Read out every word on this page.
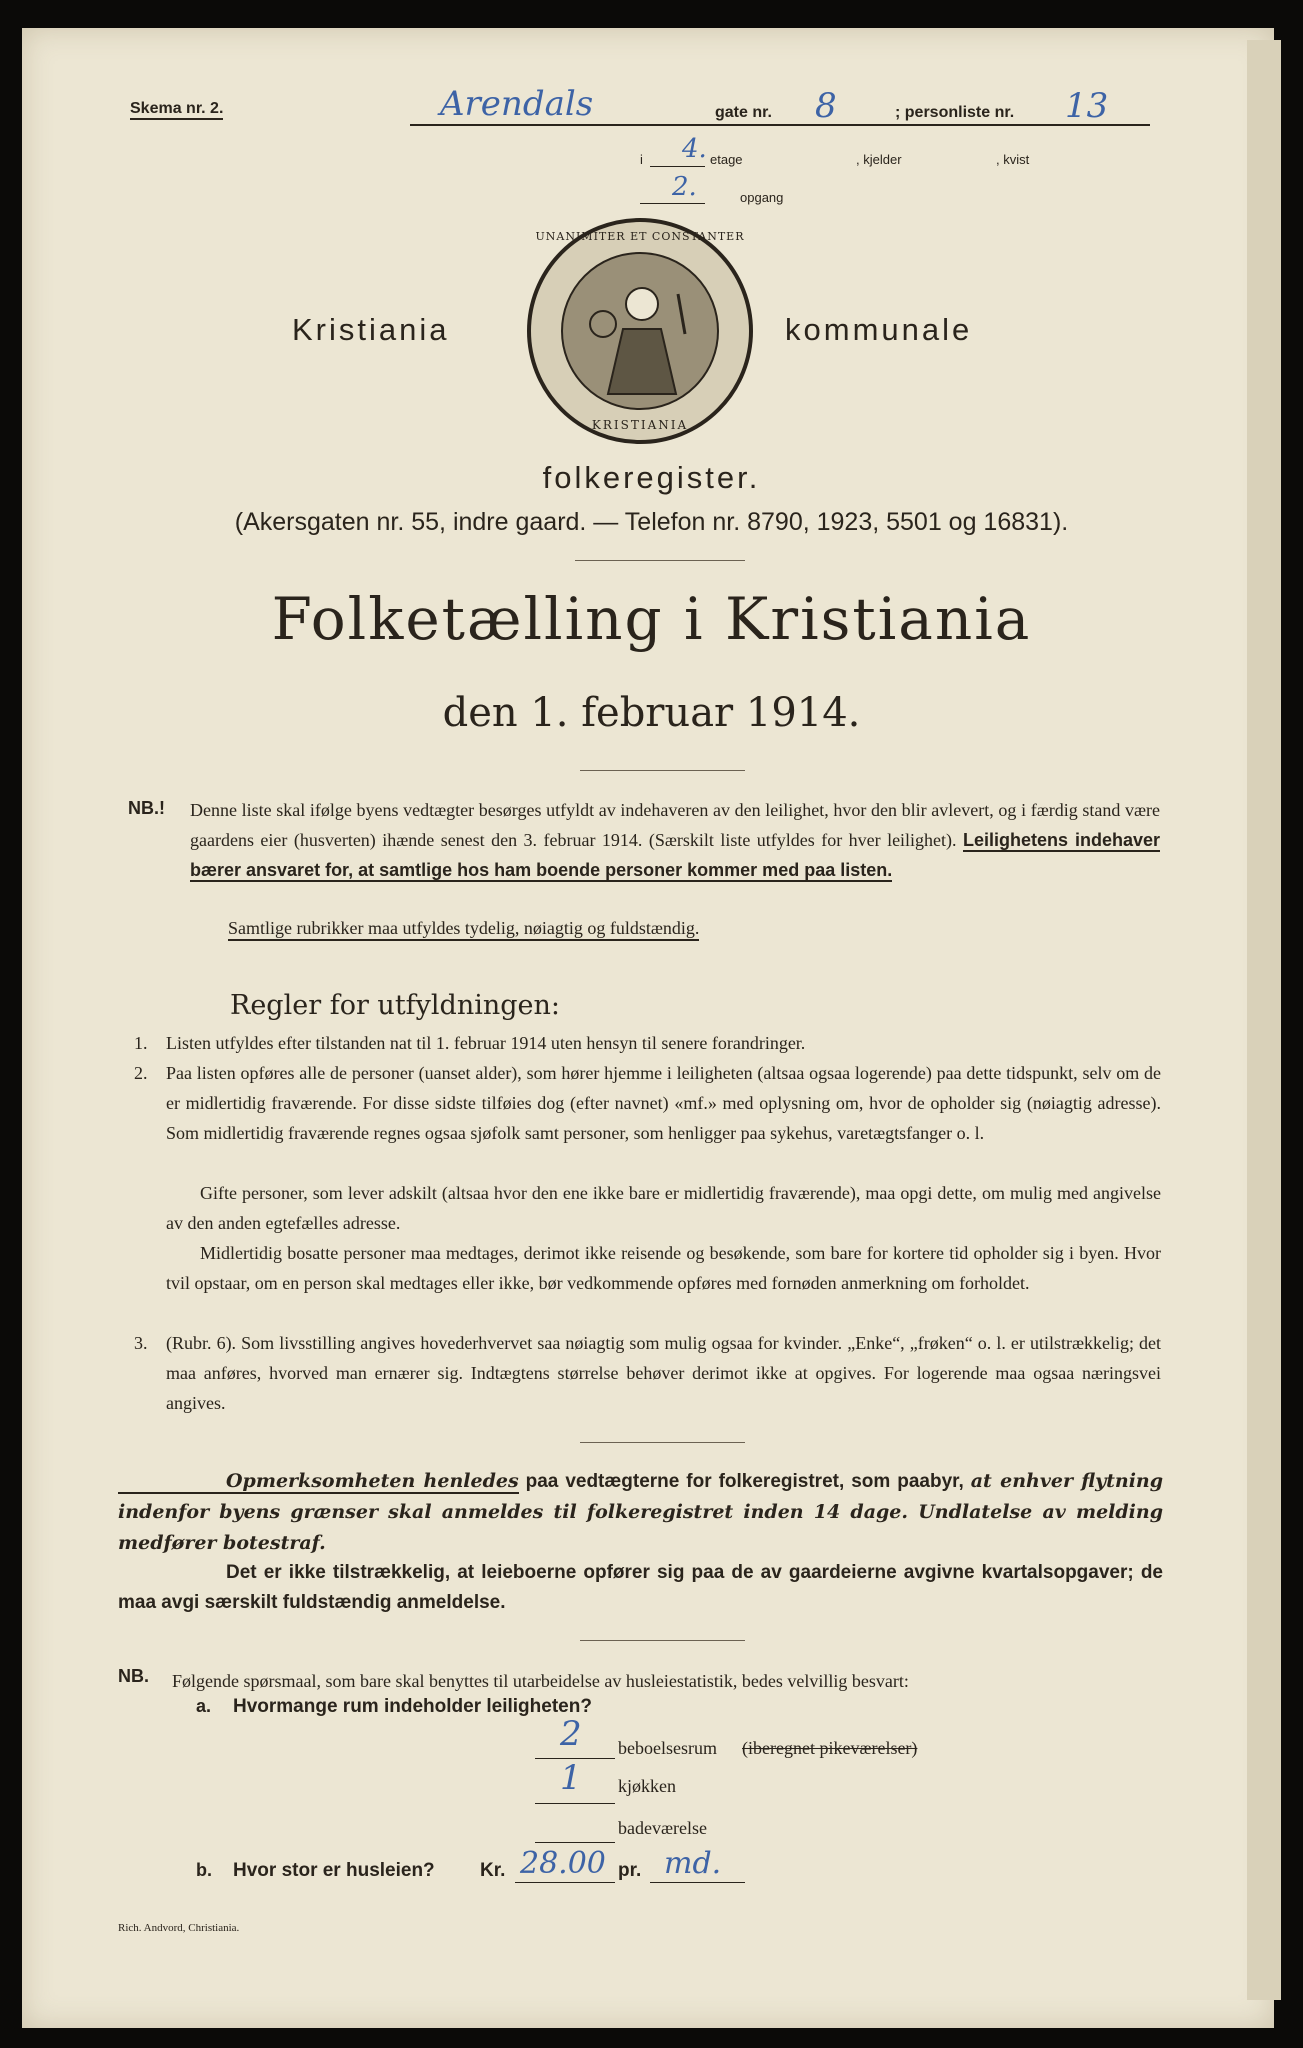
Skema nr. 2.	Arendals	gate nr. 8	; personliste nr. 13
i 4. etage	, kjelder	, kvist
2.	opgang
Kristiania	kommunale
UNANIMITER ET CONSTANTER
KRISTIANIA
folkeregister.
(Akersgaten nr. 55, indre gaard. — Telefon nr. 8790, 1923, 5501 og 16831).
Folketælling i Kristiania
den 1. februar 1914.
NB.! Denne liste skal ifølge byens vedtægter besørges utfyldt av indehaveren av den leilighet, hvor den blir avlevert, og i færdig stand være gaardens eier (husverten) ihænde senest den 3. februar 1914. (Særskilt liste utfyldes for hver leilighet). Leilighetens indehaver bærer ansvaret for, at samtlige hos ham boende personer kommer med paa listen.
Samtlige rubrikker maa utfyldes tydelig, nøiagtig og fuldstændig.
Regler for utfyldningen:
1.	Listen utfyldes efter tilstanden nat til 1. februar 1914 uten hensyn til senere forandringer.
2.	Paa listen opføres alle de personer (uanset alder), som hører hjemme i leiligheten (altsaa ogsaa logerende) paa dette tidspunkt, selv om de er midlertidig fraværende. For disse sidste tilføies dog (efter navnet) «mf.» med oplysning om, hvor de opholder sig (nøiagtig adresse). Som midlertidig fraværende regnes ogsaa sjøfolk samt personer, som henligger paa sykehus, varetægtsfanger o. l.
Gifte personer, som lever adskilt (altsaa hvor den ene ikke bare er midlertidig fraværende), maa opgi dette, om mulig med angivelse av den anden egtefælles adresse.
Midlertidig bosatte personer maa medtages, derimot ikke reisende og besøkende, som bare for kortere tid opholder sig i byen. Hvor tvil opstaar, om en person skal medtages eller ikke, bør vedkommende opføres med fornøden anmerkning om forholdet.
3.	(Rubr. 6). Som livsstilling angives hovederhvervet saa nøiagtig som mulig ogsaa for kvinder. „Enke“, „frøken“ o. l. er utilstrækkelig; det maa anføres, hvorved man ernærer sig. Indtægtens størrelse behøver derimot ikke at opgives. For logerende maa ogsaa næringsvei angives.
Opmerksomheten henledes paa vedtægterne for folkeregistret, som paabyr, at enhver flytning indenfor byens grænser skal anmeldes til folkeregistret inden 14 dage. Undlatelse av melding medfører botestraf.
Det er ikke tilstrækkelig, at leieboerne opfører sig paa de av gaardeierne avgivne kvartalsopgaver; de maa avgi særskilt fuldstændig anmeldelse.
NB. Følgende spørsmaal, som bare skal benyttes til utarbeidelse av husleiestatistik, bedes velvillig besvart:
a. Hvormange rum indeholder leiligheten?
2 beboelsesrum (iberegnet pikeværelser)
1 kjøkken
badeværelse
b. Hvor stor er husleien? Kr. 28.00 pr. md.
Rich. Andvord, Christiania.
